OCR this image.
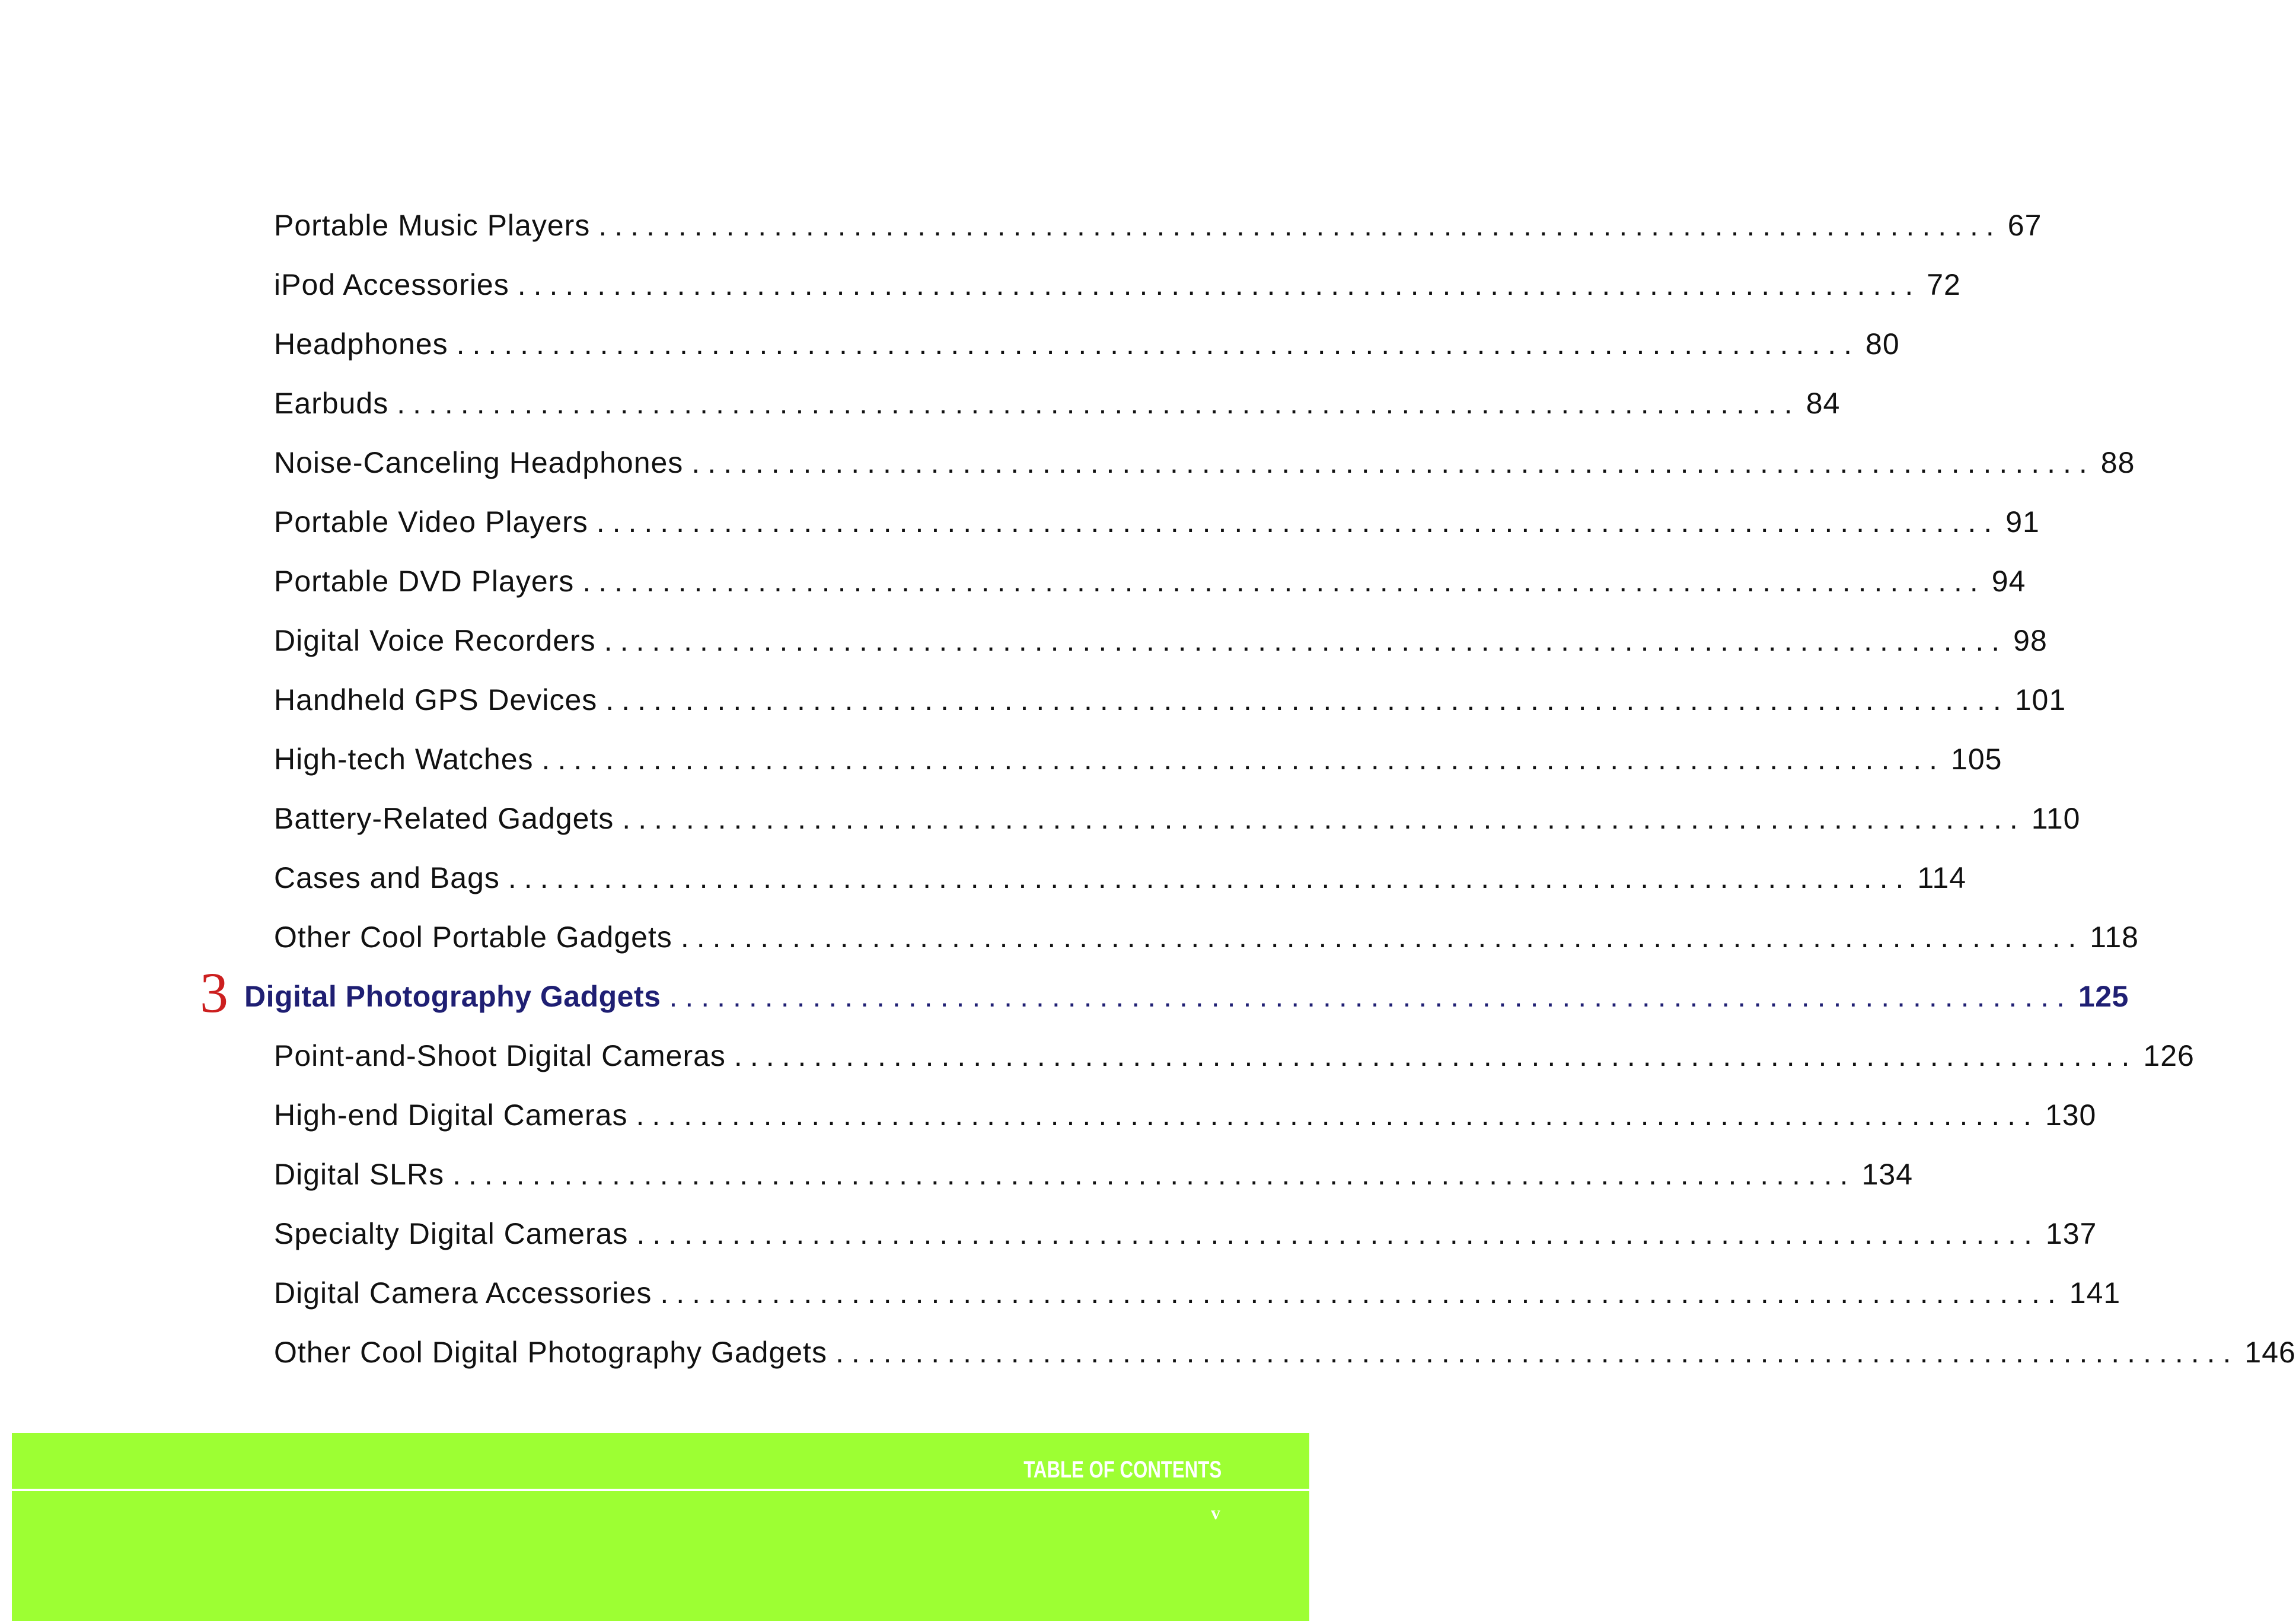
Portable Music Players ........................................................................................ 67
iPod Accessories ........................................................................................ 72
Headphones ........................................................................................ 80
Earbuds ........................................................................................ 84
Noise-Canceling Headphones ........................................................................................ 88
Portable Video Players ........................................................................................ 91
Portable DVD Players ........................................................................................ 94
Digital Voice Recorders ........................................................................................ 98
Handheld GPS Devices ........................................................................................ 101
High-tech Watches ........................................................................................ 105
Battery-Related Gadgets ........................................................................................ 110
Cases and Bags ........................................................................................ 114
Other Cool Portable Gadgets ........................................................................................ 118
3 Digital Photography Gadgets ........................................................................................ 125
Point-and-Shoot Digital Cameras ........................................................................................ 126
High-end Digital Cameras ........................................................................................ 130
Digital SLRs ........................................................................................ 134
Specialty Digital Cameras ........................................................................................ 137
Digital Camera Accessories ........................................................................................ 141
Other Cool Digital Photography Gadgets ........................................................................................ 146
TABLE OF CONTENTS
v
